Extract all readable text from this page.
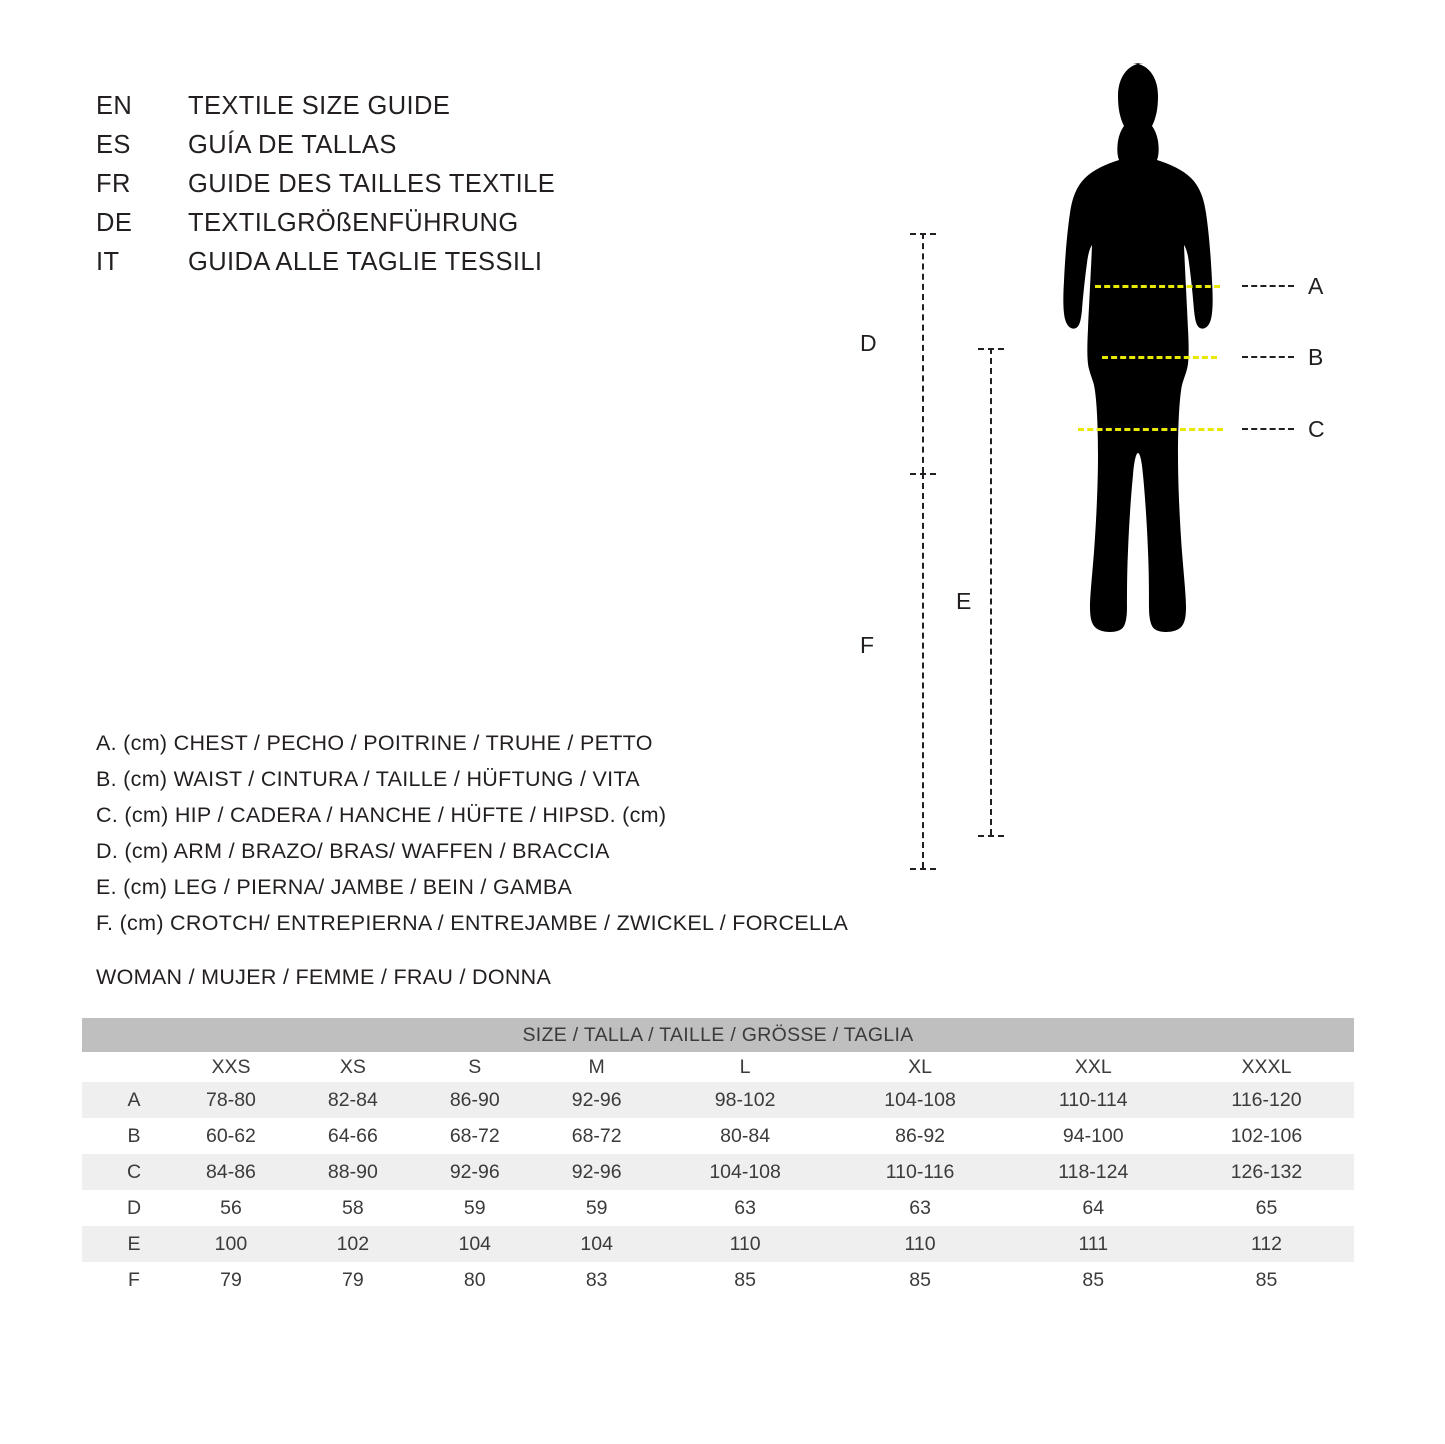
EN	TEXTILE SIZE GUIDE
ES	GUÍA DE TALLAS
FR	GUIDE DES TAILLES TEXTILE
DE	TEXTILGRÖßENFÜHRUNG
IT	GUIDA ALLE TAGLIE TESSILI
A. (cm) CHEST / PECHO / POITRINE / TRUHE / PETTO
B. (cm) WAIST / CINTURA / TAILLE / HÜFTUNG / VITA
C. (cm) HIP / CADERA / HANCHE / HÜFTE / HIPSD. (cm)
D. (cm) ARM / BRAZO/ BRAS/ WAFFEN / BRACCIA
E. (cm) LEG / PIERNA/ JAMBE / BEIN / GAMBA
F. (cm) CROTCH/ ENTREPIERNA / ENTREJAMBE / ZWICKEL / FORCELLA
WOMAN / MUJER / FEMME / FRAU / DONNA
A
B
C
D
F
E
SIZE / TALLA / TAILLE / GRÖSSE / TAGLIA								
	XXS	XS	S	M	L	XL	XXL	XXXL
A	78-80	82-84	86-90	92-96	98-102	104-108	110-114	116-120
B	60-62	64-66	68-72	68-72	80-84	86-92	94-100	102-106
C	84-86	88-90	92-96	92-96	104-108	110-116	118-124	126-132
D	56	58	59	59	63	63	64	65
E	100	102	104	104	110	110	111	112
F	79	79	80	83	85	85	85	85
